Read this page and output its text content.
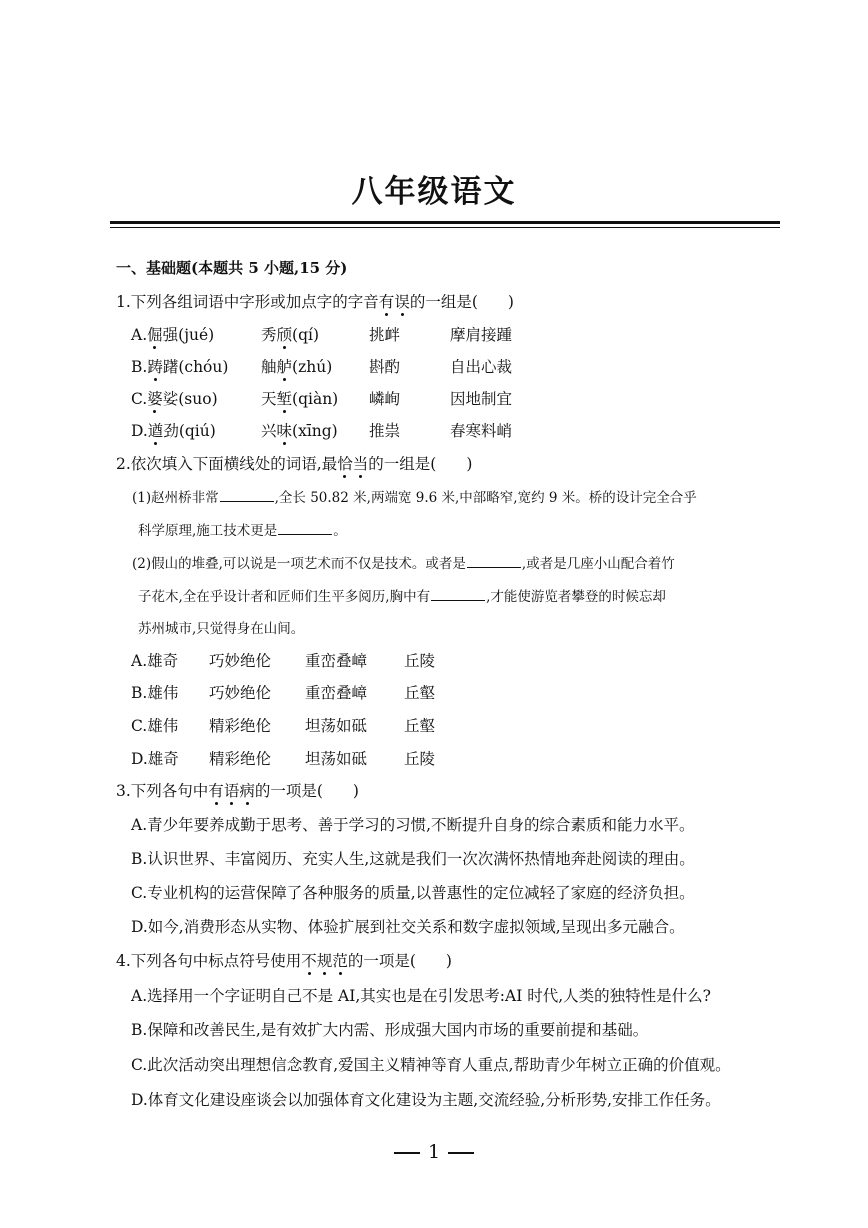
八年级语文
一、基础题(本题共 5 小题,15 分)
1.下列各组词语中字形或加点字的字音有误的一组是( )
A.倔强(jué)	秀颀(qí)	挑衅	摩肩接踵
B.踌躇(chóu) 舳舻(zhú) 斟酌	自出心裁
C.婆娑(suo)	天堑(qiàn) 嶙峋	因地制宜
D.遒劲(qiú)	兴味(xīng) 推祟	春寒料峭
2.依次填入下面横线处的词语,最恰当的一组是( )
(1)赵州桥非常	,全长 50.82 米,两端宽 9.6 米,中部略窄,宽约 9 米。桥的设计完全合乎
科学原理,施工技术更是	。
(2)假山的堆叠,可以说是一项艺术而不仅是技术。或者是	,或者是几座小山配合着竹
子花木,全在乎设计者和匠师们生平多阅历,胸中有	,才能使游览者攀登的时候忘却
苏州城市,只觉得身在山间。
A.雄奇 巧妙绝伦 重峦叠嶂 丘陵
B.雄伟 巧妙绝伦 重峦叠嶂 丘壑
C.雄伟 精彩绝伦 坦荡如砥 丘壑
D.雄奇 精彩绝伦 坦荡如砥 丘陵
3.下列各句中有语病的一项是( )
A.青少年要养成勤于思考、善于学习的习惯,不断提升自身的综合素质和能力水平。
B.认识世界、丰富阅历、充实人生,这就是我们一次次满怀热情地奔赴阅读的理由。
C.专业机构的运营保障了各种服务的质量,以普惠性的定位减轻了家庭的经济负担。
D.如今,消费形态从实物、体验扩展到社交关系和数字虚拟领域,呈现出多元融合。
4.下列各句中标点符号使用不规范的一项是( )
A.选择用一个字证明自己不是 AI,其实也是在引发思考:AI 时代,人类的独特性是什么?
B.保障和改善民生,是有效扩大内需、形成强大国内市场的重要前提和基础。
C.此次活动突出理想信念教育,爱国主义精神等育人重点,帮助青少年树立正确的价值观。
D.体育文化建设座谈会以加强体育文化建设为主题,交流经验,分析形势,安排工作任务。
1
